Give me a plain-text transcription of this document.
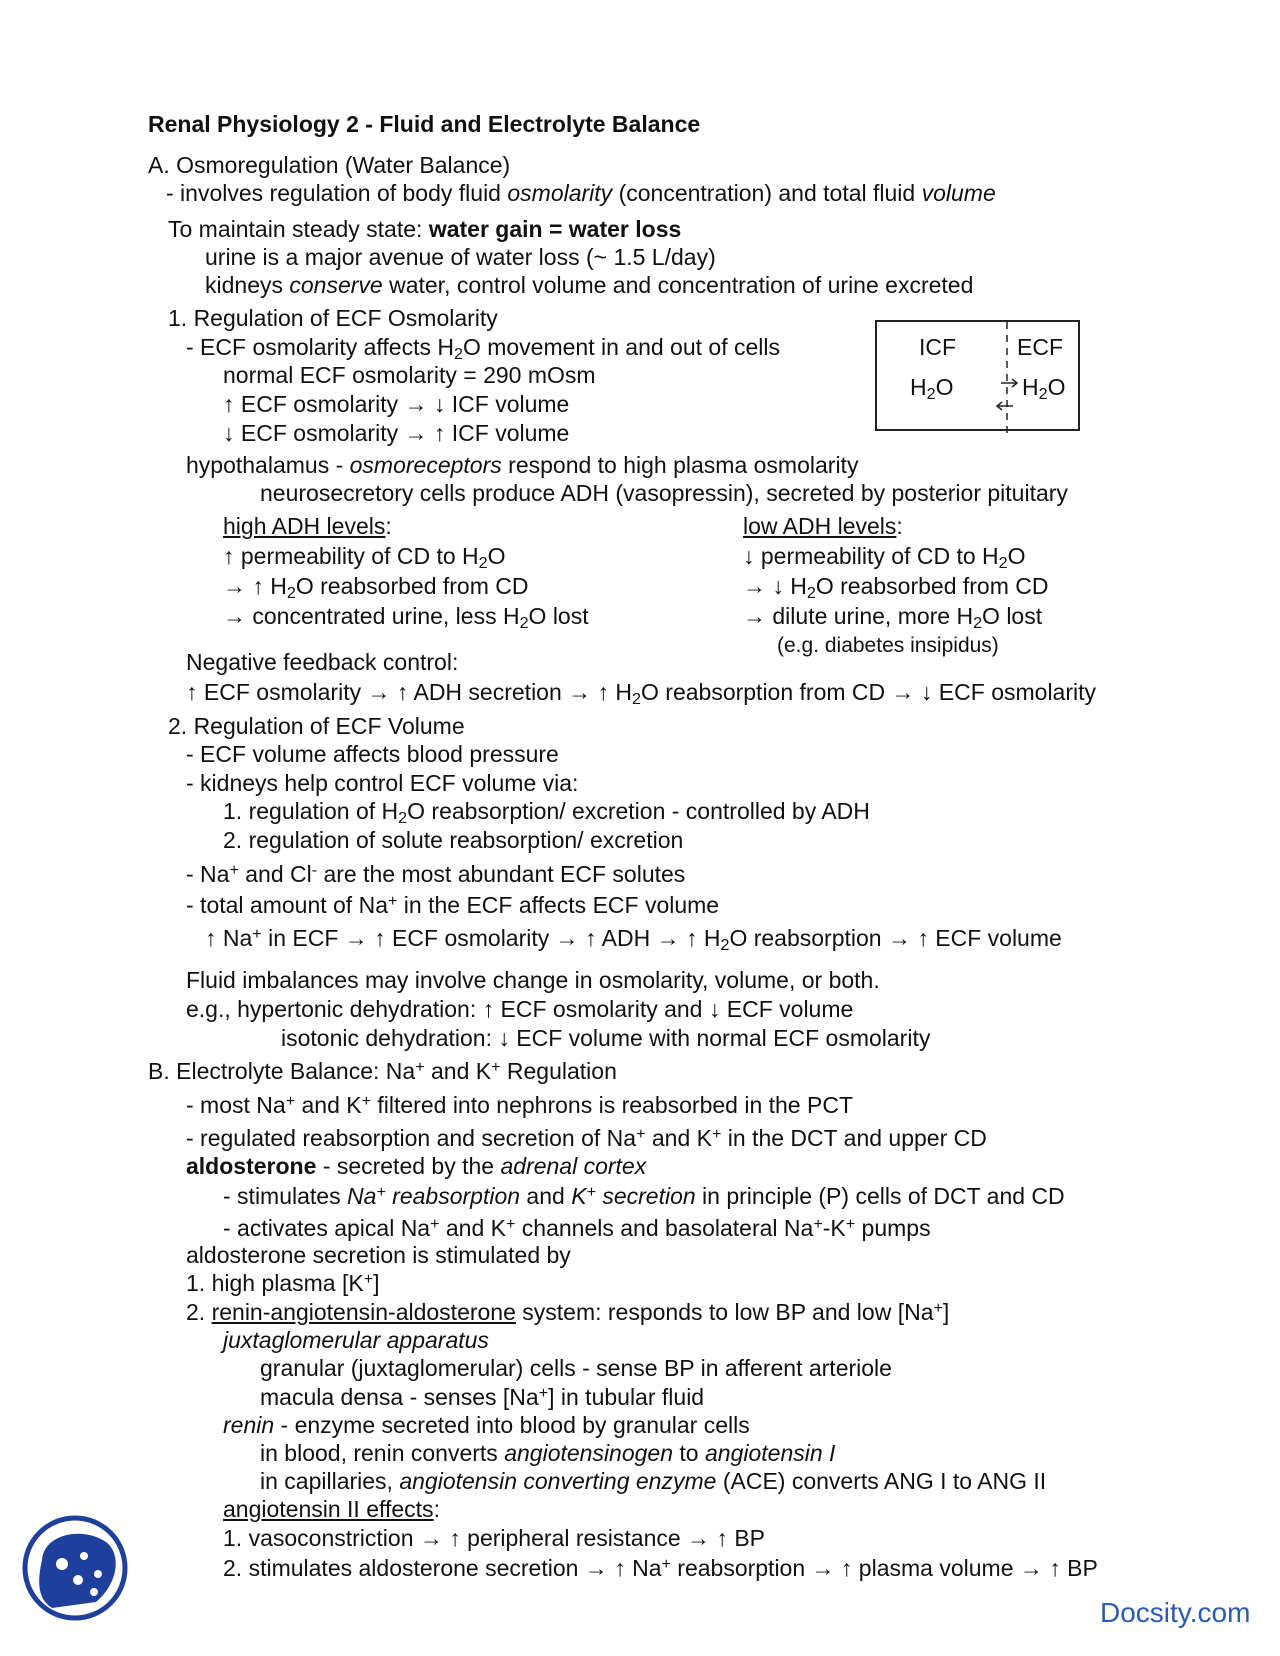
Renal Physiology 2 - Fluid and Electrolyte Balance
A. Osmoregulation (Water Balance)
- involves regulation of body fluid osmolarity (concentration) and total fluid volume
To maintain steady state: water gain = water loss
urine is a major avenue of water loss (~ 1.5 L/day)
kidneys conserve water, control volume and concentration of urine excreted
1. Regulation of ECF Osmolarity
- ECF osmolarity affects $H_2O$ movement in and out of cells
normal ECF osmolarity = 290 mOsm
↑ ECF osmolarity → ↓ ICF volume
↓ ECF osmolarity → ↑ ICF volume
ICF	ECF
$H_2O$	$H_2O$
hypothalamus - osmoreceptors respond to high plasma osmolarity
neurosecretory cells produce ADH (vasopressin), secreted by posterior pituitary
high ADH levels:
↑ permeability of CD to $H_2O$
→ ↑ $H_2O$ reabsorbed from CD
→ concentrated urine, less $H_2O$ lost
low ADH levels:
↓ permeability of CD to $H_2O$
→ ↓ $H_2O$ reabsorbed from CD
→ dilute urine, more $H_2O$ lost
(e.g. diabetes insipidus)
Negative feedback control:
↑ ECF osmolarity → ↑ ADH secretion → ↑ $H_2O$ reabsorption from CD → ↓ ECF osmolarity
2. Regulation of ECF Volume
- ECF volume affects blood pressure
- kidneys help control ECF volume via:
1. regulation of $H_2O$ reabsorption/ excretion - controlled by ADH
2. regulation of solute reabsorption/ excretion
- Na+ and Cl- are the most abundant ECF solutes
- total amount of Na+ in the ECF affects ECF volume
↑ Na+ in ECF → ↑ ECF osmolarity → ↑ ADH → ↑ $H_2O$ reabsorption → ↑ ECF volume
Fluid imbalances may involve change in osmolarity, volume, or both.
e.g., hypertonic dehydration: ↑ ECF osmolarity and ↓ ECF volume
isotonic dehydration: ↓ ECF volume with normal ECF osmolarity
B. Electrolyte Balance: Na+ and K+ Regulation
- most Na+ and K+ filtered into nephrons is reabsorbed in the PCT
- regulated reabsorption and secretion of Na+ and K+ in the DCT and upper CD
aldosterone - secreted by the adrenal cortex
- stimulates Na+ reabsorption and K+ secretion in principle (P) cells of DCT and CD
- activates apical Na+ and K+ channels and basolateral Na+-K+ pumps
aldosterone secretion is stimulated by
1. high plasma [K+]
2. renin-angiotensin-aldosterone system: responds to low BP and low [Na+]
juxtaglomerular apparatus
granular (juxtaglomerular) cells - sense BP in afferent arteriole
macula densa - senses [Na+] in tubular fluid
renin - enzyme secreted into blood by granular cells
in blood, renin converts angiotensinogen to angiotensin I
in capillaries, angiotensin converting enzyme (ACE) converts ANG I to ANG II
angiotensin II effects:
1. vasoconstriction → ↑ peripheral resistance → ↑ BP
2. stimulates aldosterone secretion → ↑ Na+ reabsorption → ↑ plasma volume → ↑ BP
Docsity.com
